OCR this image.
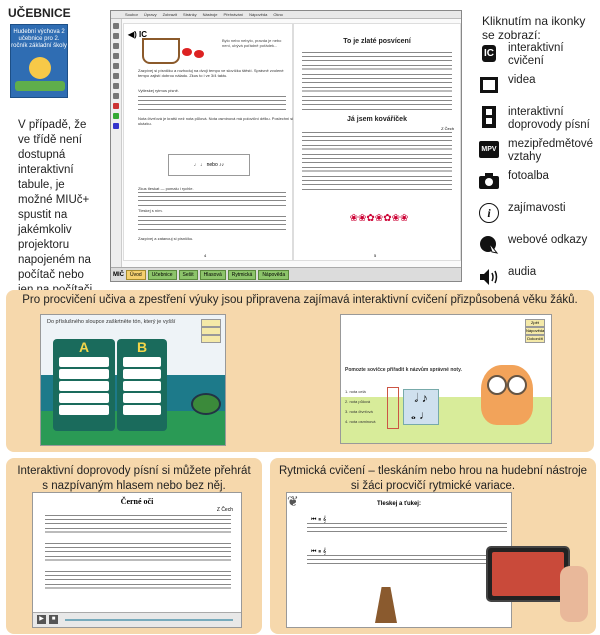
UČEBNICE
Hudební výchova 2 učebnice pro 2. ročník základní školy
V případě, že ve třídě není dostupná interaktivní tabule, je možné MIUč+ spustit na jakémkoliv projektoru napojeném na počítač nebo
Soubor Úpravy Zobrazit Stránky Nástroje Přehrávání Nápověda Okno
◀) IC
Bylo nebo nebylo, pravda je nebo není, ubývá pořádně pořádek...
Zazpívej si písničku a rozhoduj na dvojí tempo ve slovíčku štěstí. Správně zvolené tempo zajistí dobrou náladu. Zkus to i ve 3/4 taktu.
Vytleskej rytmus písně.
Nota čtvrťová je kratší než nota půlová. Nota osminová má poloviční délku. Poslechni si ukázku.
♩ ♩ nebo ♪♪
Zkus tleskat — pomalu i rychle.
Tleskej s ním.
Zazpívej a zatancuj si písničku.
4
To je zlaté posvícení
Já jsem kováříček
Z Čech
❀❀✿❀✿❀❀
5
MIČ	Úvod	Učebnice	Sešit	Hlasová	Rytmická	Nápověda
Kliknutím na ikonky se zobrazí:
IC interaktivní cvičení
videa
interaktivní doprovody písní
MPV mezipředmětové vztahy
fotoalba
i	zajímavosti
webové odkazy
audia
Pro procvičení učiva a zpestření výuky jsou připravena zajímavá interaktivní cvičení přizpůsobená věku žáků.
Do příslušného sloupce zaškrtněte tón, který je vyšší
A	B
Pomozte sovičce přiřadit k názvům správné noty.
Zpět
Nápověda
Dokončit
1. nota celá
2. nota půlová
3. nota čtvrťová
4. nota osminová
𝅗𝅥 ♪
𝅝 ♩
Interaktivní doprovody písní si můžete přehrát s nazpívaným hlasem nebo bez něj.
Černé oči
Z Čech
▶	■
Rytmická cvičení – tleskáním nebo hrou na hudební nástroje si žáci procvičí rytmické variace.
❦	Tleskej a ťukej:
⏮ ⏸ 𝄞
⏮ ⏸ 𝄞
